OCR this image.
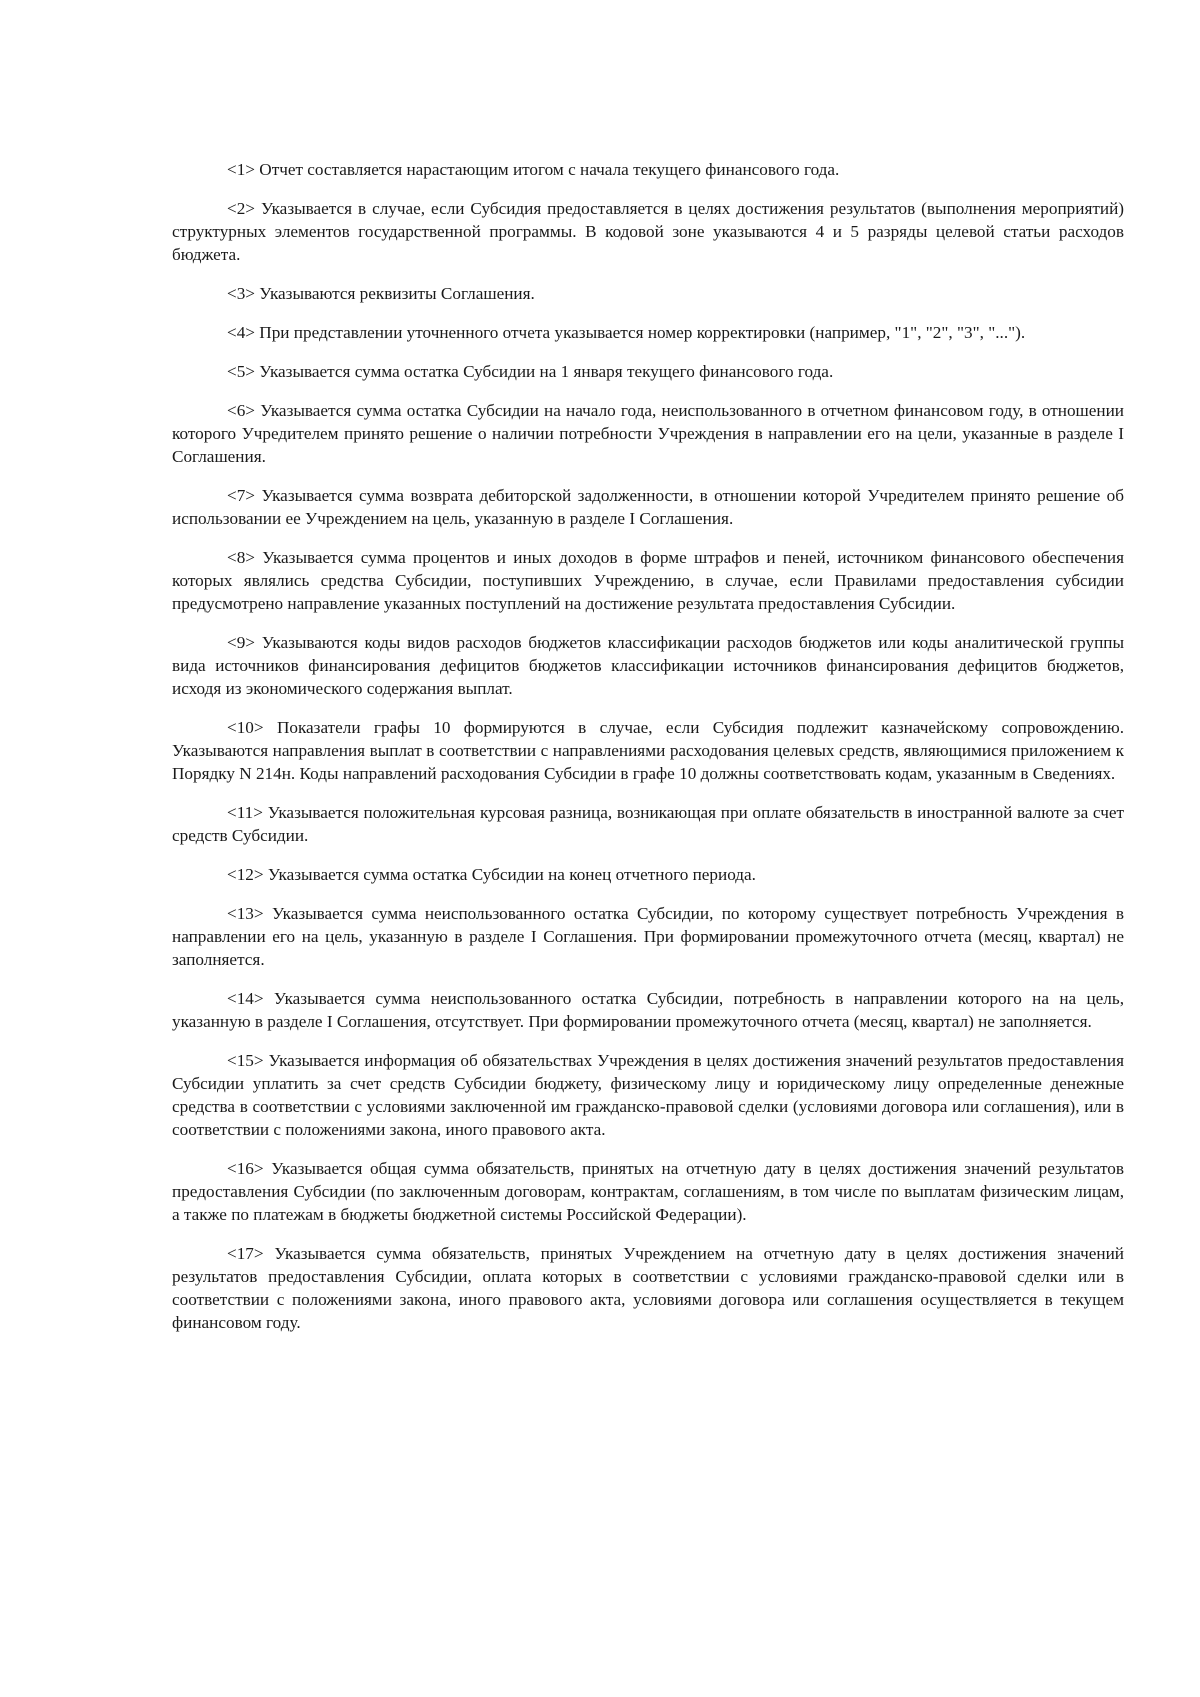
<1> Отчет составляется нарастающим итогом с начала текущего финансового года.

<2> Указывается в случае, если Субсидия предоставляется в целях достижения результатов (выполнения мероприятий) структурных элементов государственной программы. В кодовой зоне указываются 4 и 5 разряды целевой статьи расходов бюджета.

<3> Указываются реквизиты Соглашения.

<4> При представлении уточненного отчета указывается номер корректировки (например, "1", "2", "3", "...").

<5> Указывается сумма остатка Субсидии на 1 января текущего финансового года.

<6> Указывается сумма остатка Субсидии на начало года, неиспользованного в отчетном финансовом году, в отношении которого Учредителем принято решение о наличии потребности Учреждения в направлении его на цели, указанные в разделе I Соглашения.

<7> Указывается сумма возврата дебиторской задолженности, в отношении которой Учредителем принято решение об использовании ее Учреждением на цель, указанную в разделе I Соглашения.

<8> Указывается сумма процентов и иных доходов в форме штрафов и пеней, источником финансового обеспечения которых являлись средства Субсидии, поступивших Учреждению, в случае, если Правилами предоставления субсидии предусмотрено направление указанных поступлений на достижение результата предоставления Субсидии.

<9> Указываются коды видов расходов бюджетов классификации расходов бюджетов или коды аналитической группы вида источников финансирования дефицитов бюджетов классификации источников финансирования дефицитов бюджетов, исходя из экономического содержания выплат.

<10> Показатели графы 10 формируются в случае, если Субсидия подлежит казначейскому сопровождению. Указываются направления выплат в соответствии с направлениями расходования целевых средств, являющимися приложением к Порядку N 214н. Коды направлений расходования Субсидии в графе 10 должны соответствовать кодам, указанным в Сведениях.

<11> Указывается положительная курсовая разница, возникающая при оплате обязательств в иностранной валюте за счет средств Субсидии.

<12> Указывается сумма остатка Субсидии на конец отчетного периода.

<13> Указывается сумма неиспользованного остатка Субсидии, по которому существует потребность Учреждения в направлении его на цель, указанную в разделе I Соглашения. При формировании промежуточного отчета (месяц, квартал) не заполняется.

<14> Указывается сумма неиспользованного остатка Субсидии, потребность в направлении которого на на цель, указанную в разделе I Соглашения, отсутствует. При формировании промежуточного отчета (месяц, квартал) не заполняется.

<15> Указывается информация об обязательствах Учреждения в целях достижения значений результатов предоставления Субсидии уплатить за счет средств Субсидии бюджету, физическому лицу и юридическому лицу определенные денежные средства в соответствии с условиями заключенной им гражданско-правовой сделки (условиями договора или соглашения), или в соответствии с положениями закона, иного правового акта.

<16> Указывается общая сумма обязательств, принятых на отчетную дату в целях достижения значений результатов предоставления Субсидии (по заключенным договорам, контрактам, соглашениям, в том числе по выплатам физическим лицам, а также по платежам в бюджеты бюджетной системы Российской Федерации).

<17> Указывается сумма обязательств, принятых Учреждением на отчетную дату в целях достижения значений результатов предоставления Субсидии, оплата которых в соответствии с условиями гражданско-правовой сделки или в соответствии с положениями закона, иного правового акта, условиями договора или соглашения осуществляется в текущем финансовом году.
